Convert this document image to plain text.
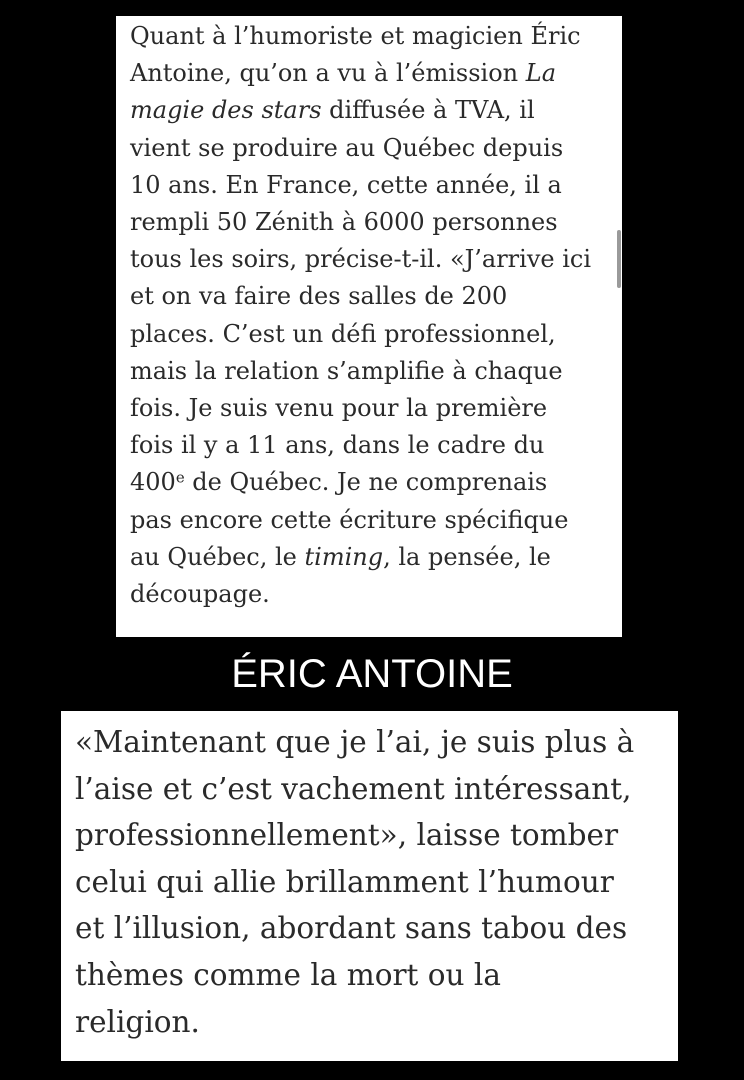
Quant à l’humoriste et magicien Éric
Antoine, qu’on a vu à l’émission La
magie des stars diffusée à TVA, il
vient se produire au Québec depuis
10 ans. En France, cette année, il a
rempli 50 Zénith à 6000 personnes
tous les soirs, précise-t-il. «J’arrive ici
et on va faire des salles de 200
places. C’est un défi professionnel,
mais la relation s’amplifie à chaque
fois. Je suis venu pour la première
fois il y a 11 ans, dans le cadre du
400e de Québec. Je ne comprenais
pas encore cette écriture spécifique
au Québec, le timing, la pensée, le
découpage.
ÉRIC ANTOINE
«Maintenant que je l’ai, je suis plus à
l’aise et c’est vachement intéressant,
professionnellement», laisse tomber
celui qui allie brillamment l’humour
et l’illusion, abordant sans tabou des
thèmes comme la mort ou la
religion.
